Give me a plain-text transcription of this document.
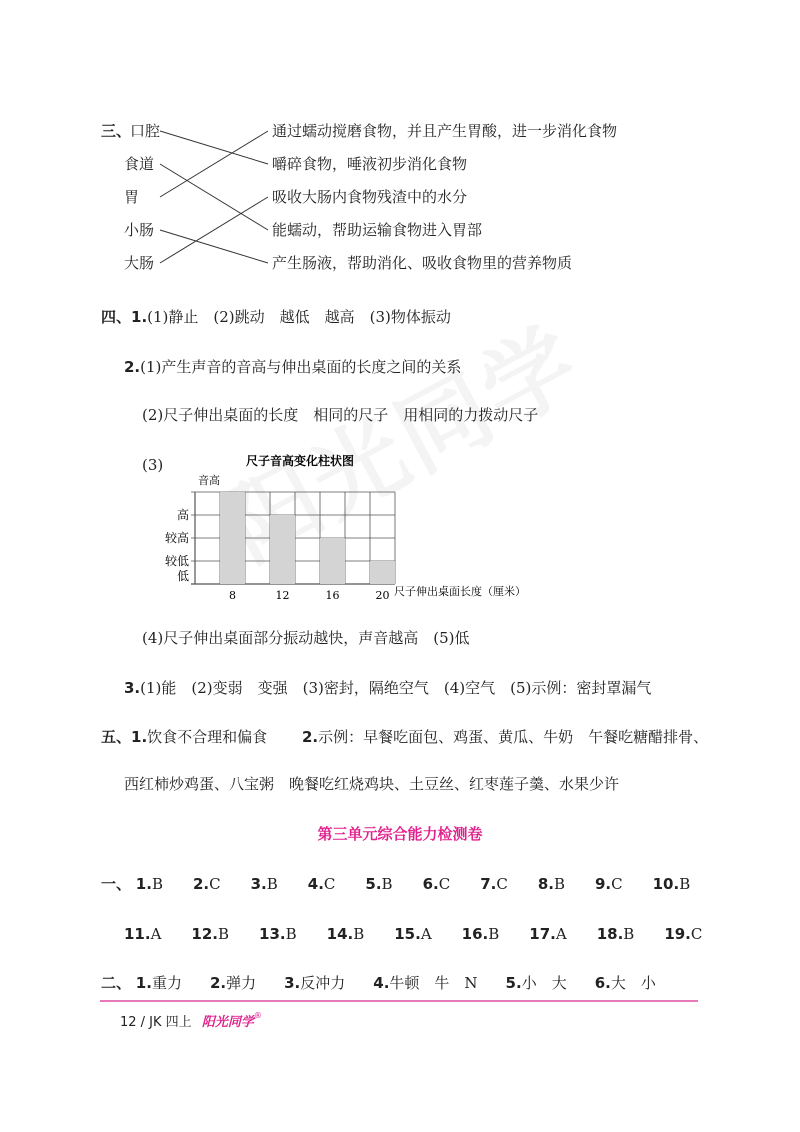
三、
口腔
食道
胃
小肠
大肠
通过蠕动搅磨食物，并且产生胃酸，进一步消化食物
嚼碎食物，唾液初步消化食物
吸收大肠内食物残渣中的水分
能蠕动，帮助运输食物进入胃部
产生肠液，帮助消化、吸收食物里的营养物质
四、1.(1)静止　(2)跳动　越低　越高　(3)物体振动
2.(1)产生声音的音高与伸出桌面的长度之间的关系
(2)尺子伸出桌面的长度　相同的尺子　用相同的力拨动尺子
(3)	尺子音高变化柱状图
音高
尺子伸出桌面长度（厘米）
低
较低
较高
高
8	12	16	20
(4)尺子伸出桌面部分振动越快，声音越高　(5)低
3.(1)能　(2)变弱　变强　(3)密封，隔绝空气　(4)空气　(5)示例：密封罩漏气
五、1.饮食不合理和偏食 2.示例：早餐吃面包、鸡蛋、黄瓜、牛奶　午餐吃糖醋排骨、
西红柿炒鸡蛋、八宝粥　晚餐吃红烧鸡块、土豆丝、红枣莲子羹、水果少许
第三单元综合能力检测卷
一、 1.B 2.C 3.B 4.C 5.B 6.C 7.C 8.B 9.C 10.B
11.A 12.B 13.B 14.B 15.A 16.B 17.A 18.B 19.C
二、 1.重力 2.弹力 3.反冲力 4.牛顿　牛　N 5.小　大 6.大　小
12 / JK 四上 阳光同学®
